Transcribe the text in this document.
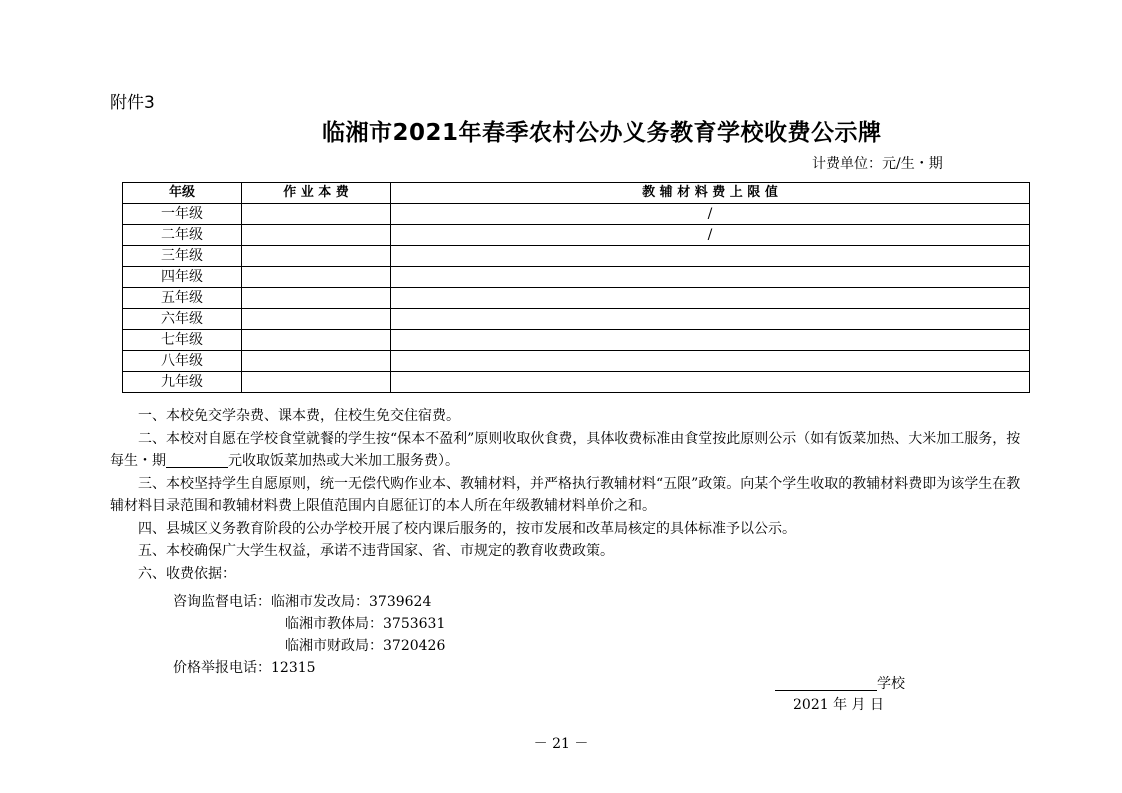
附件3
临湘市2021年春季农村公办义务教育学校收费公示牌
计费单位：元/生・期
年级	作 业 本 费	教 辅 材 料 费 上 限 值
一年级		/
二年级		/
三年级		
四年级		
五年级		
六年级		
七年级		
八年级		
九年级		

一、本校免交学杂费、课本费，住校生免交住宿费。

二、本校对自愿在学校食堂就餐的学生按“保本不盈利”原则收取伙食费，具体收费标准由食堂按此原则公示（如有饭菜加热、大米加工服务，按每生・期	元收取饭菜加热或大米加工服务费）。

三、本校坚持学生自愿原则，统一无偿代购作业本、教辅材料，并严格执行教辅材料“五限”政策。向某个学生收取的教辅材料费即为该学生在教辅材料目录范围和教辅材料费上限值范围内自愿征订的本人所在年级教辅材料单价之和。

四、县城区义务教育阶段的公办学校开展了校内课后服务的，按市发展和改革局核定的具体标准予以公示。

五、本校确保广大学生权益，承诺不违背国家、省、市规定的教育收费政策。

六、收费依据：

咨询监督电话：临湘市发改局：3739624
临湘市教体局：3753631
临湘市财政局：3720426
价格举报电话：12315
学校
2021 年 月 日
－ 21 －
